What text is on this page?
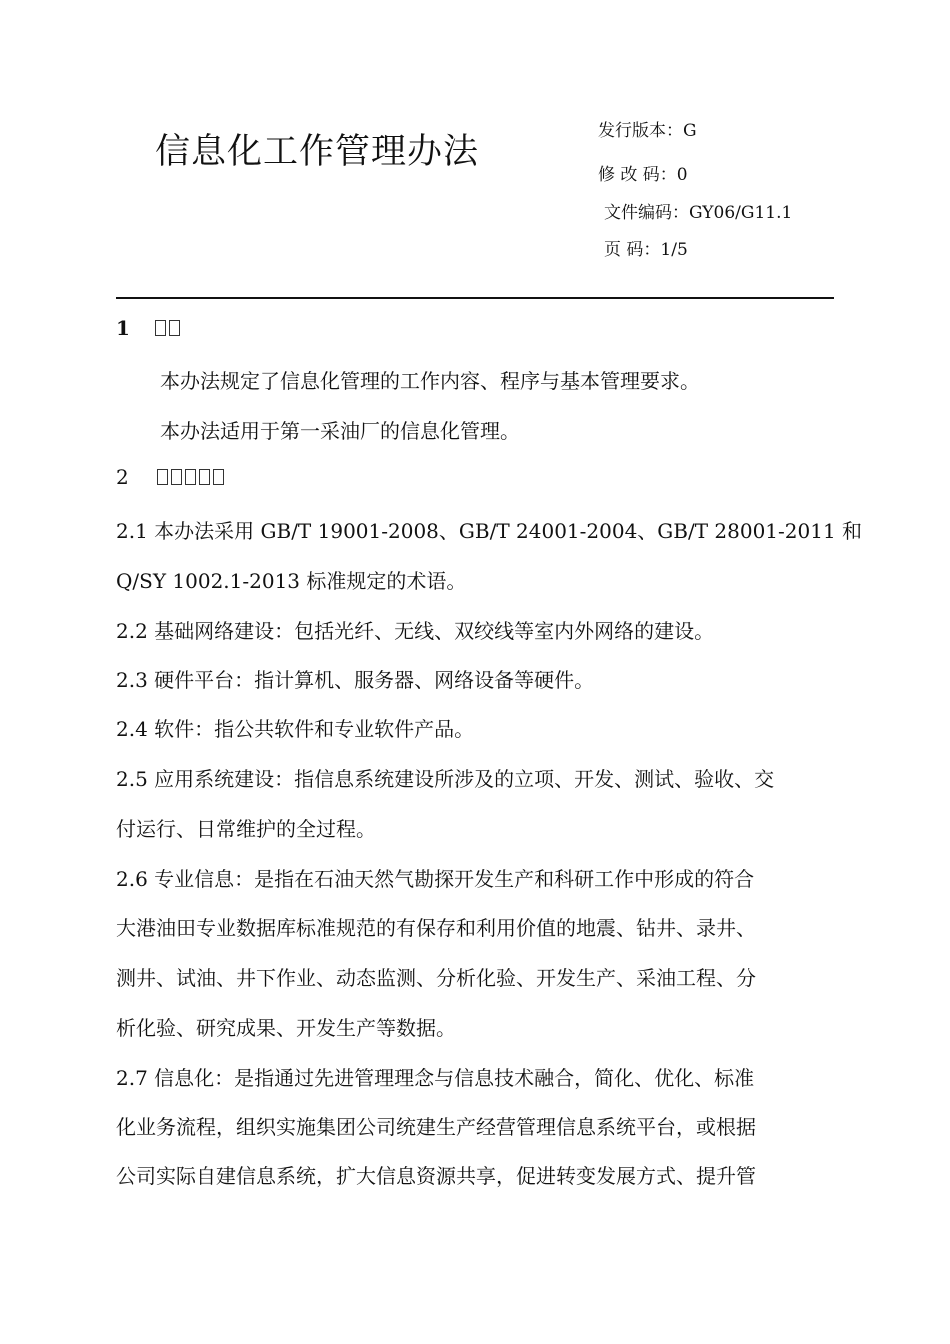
信息化工作管理办法
发行版本：G
修 改 码：0
文件编码：GY06/G11.1
页 码：1/5
1
本办法规定了信息化管理的工作内容、程序与基本管理要求。
本办法适用于第一采油厂的信息化管理。
2
2.1 本办法采用 GB/T 19001-2008、GB/T 24001-2004、GB/T 28001-2011 和
Q/SY 1002.1-2013 标准规定的术语。
2.2 基础网络建设：包括光纤、无线、双绞线等室内外网络的建设。
2.3 硬件平台：指计算机、服务器、网络设备等硬件。
2.4 软件：指公共软件和专业软件产品。
2.5 应用系统建设：指信息系统建设所涉及的立项、开发、测试、验收、交
付运行、日常维护的全过程。
2.6 专业信息：是指在石油天然气勘探开发生产和科研工作中形成的符合
大港油田专业数据库标准规范的有保存和利用价值的地震、钻井、录井、
测井、试油、井下作业、动态监测、分析化验、开发生产、采油工程、分
析化验、研究成果、开发生产等数据。
2.7 信息化：是指通过先进管理理念与信息技术融合，简化、优化、标准
化业务流程，组织实施集团公司统建生产经营管理信息系统平台，或根据
公司实际自建信息系统，扩大信息资源共享，促进转变发展方式、提升管
